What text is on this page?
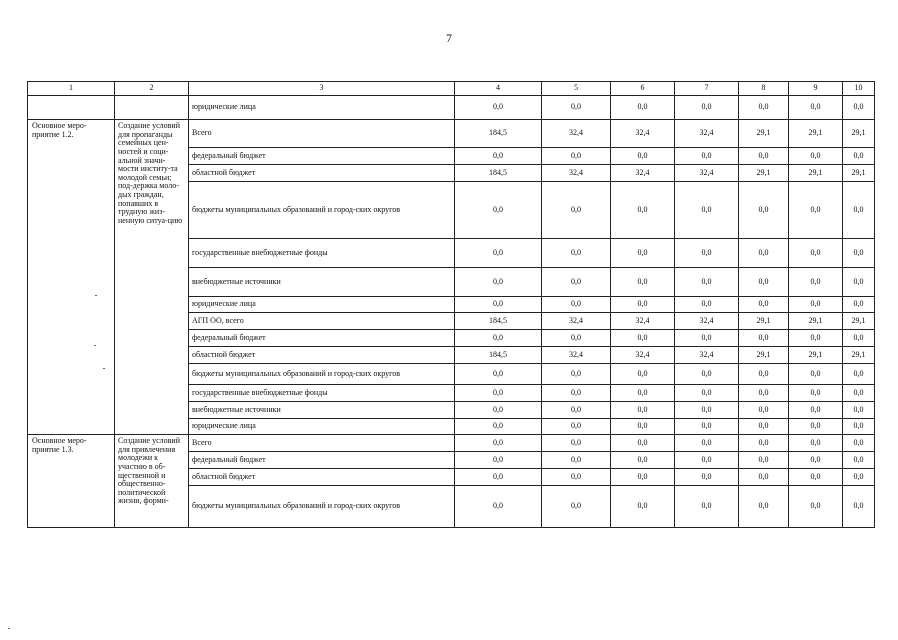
7
1	2	3	4	5	6	7	8	9	10
		юридические лица	0,0	0,0	0,0	0,0	0,0	0,0	0,0
Основное меро-приятие 1.2.	Создание условий для пропаганды семейных цен-ностей и соци-альной значи-мости институ-та молодой семьи; под-держка моло-дых граждан, попавших в трудную жиз-ненную ситуа-цию	Всего	184,5	32,4	32,4	32,4	29,1	29,1	29,1
		федеральный бюджет	0,0	0,0	0,0	0,0	0,0	0,0	0,0
		областной бюджет	184,5	32,4	32,4	32,4	29,1	29,1	29,1
		бюджеты муниципальных образований и город-ских округов	0,0	0,0	0,0	0,0	0,0	0,0	0,0
		государственные внебюджетные фонды	0,0	0,0	0,0	0,0	0,0	0,0	0,0
		внебюджетные источники	0,0	0,0	0,0	0,0	0,0	0,0	0,0
		юридические лица	0,0	0,0	0,0	0,0	0,0	0,0	0,0
		АГП ОО, всего	184,5	32,4	32,4	32,4	29,1	29,1	29,1
		федеральный бюджет	0,0	0,0	0,0	0,0	0,0	0,0	0,0
		областной бюджет	184,5	32,4	32,4	32,4	29,1	29,1	29,1
		бюджеты муниципальных образований и город-ских округов	0,0	0,0	0,0	0,0	0,0	0,0	0,0
		государственные внебюджетные фонды	0,0	0,0	0,0	0,0	0,0	0,0	0,0
		внебюджетные источники	0,0	0,0	0,0	0,0	0,0	0,0	0,0
		юридические лица	0,0	0,0	0,0	0,0	0,0	0,0	0,0
Основное меро-приятие 1.3.	Создание условий для привлечения молодежи к участию в об-щественной и общественно-политической жизни, форми-	Всего	0,0	0,0	0,0	0,0	0,0	0,0	0,0
		федеральный бюджет	0,0	0,0	0,0	0,0	0,0	0,0	0,0
		областной бюджет	0,0	0,0	0,0	0,0	0,0	0,0	0,0
		бюджеты муниципальных образований и город-ских округов	0,0	0,0	0,0	0,0	0,0	0,0	0,0
